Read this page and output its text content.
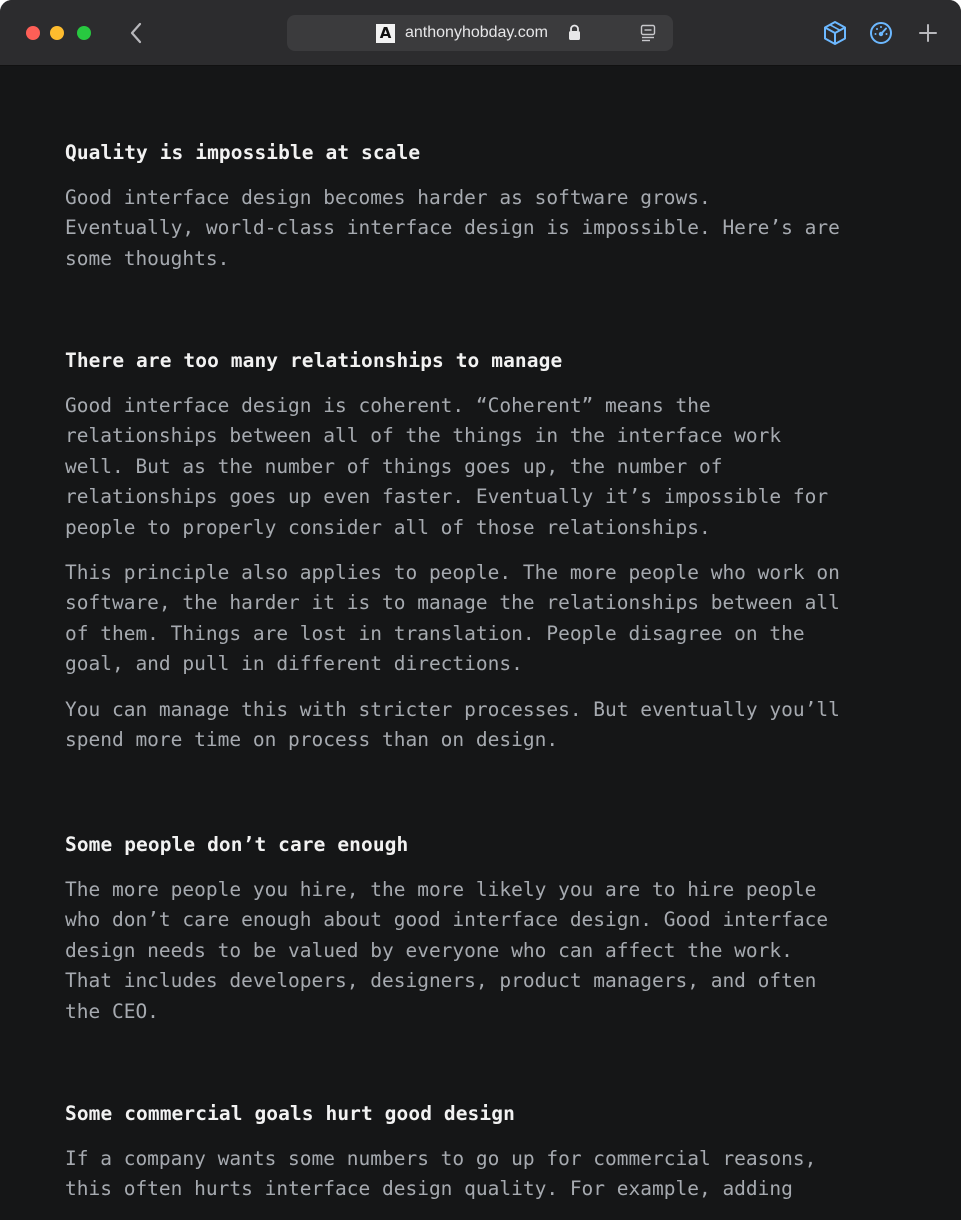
A anthonyhobday.com
Quality is impossible at scale

Good interface design becomes harder as software grows.
Eventually, world-class interface design is impossible. Here’s are
some thoughts.

There are too many relationships to manage

Good interface design is coherent. “Coherent” means the
relationships between all of the things in the interface work
well. But as the number of things goes up, the number of
relationships goes up even faster. Eventually it’s impossible for
people to properly consider all of those relationships.

This principle also applies to people. The more people who work on
software, the harder it is to manage the relationships between all
of them. Things are lost in translation. People disagree on the
goal, and pull in different directions.

You can manage this with stricter processes. But eventually you’ll
spend more time on process than on design.

Some people don’t care enough

The more people you hire, the more likely you are to hire people
who don’t care enough about good interface design. Good interface
design needs to be valued by everyone who can affect the work.
That includes developers, designers, product managers, and often
the CEO.

Some commercial goals hurt good design

If a company wants some numbers to go up for commercial reasons,
this often hurts interface design quality. For example, adding
